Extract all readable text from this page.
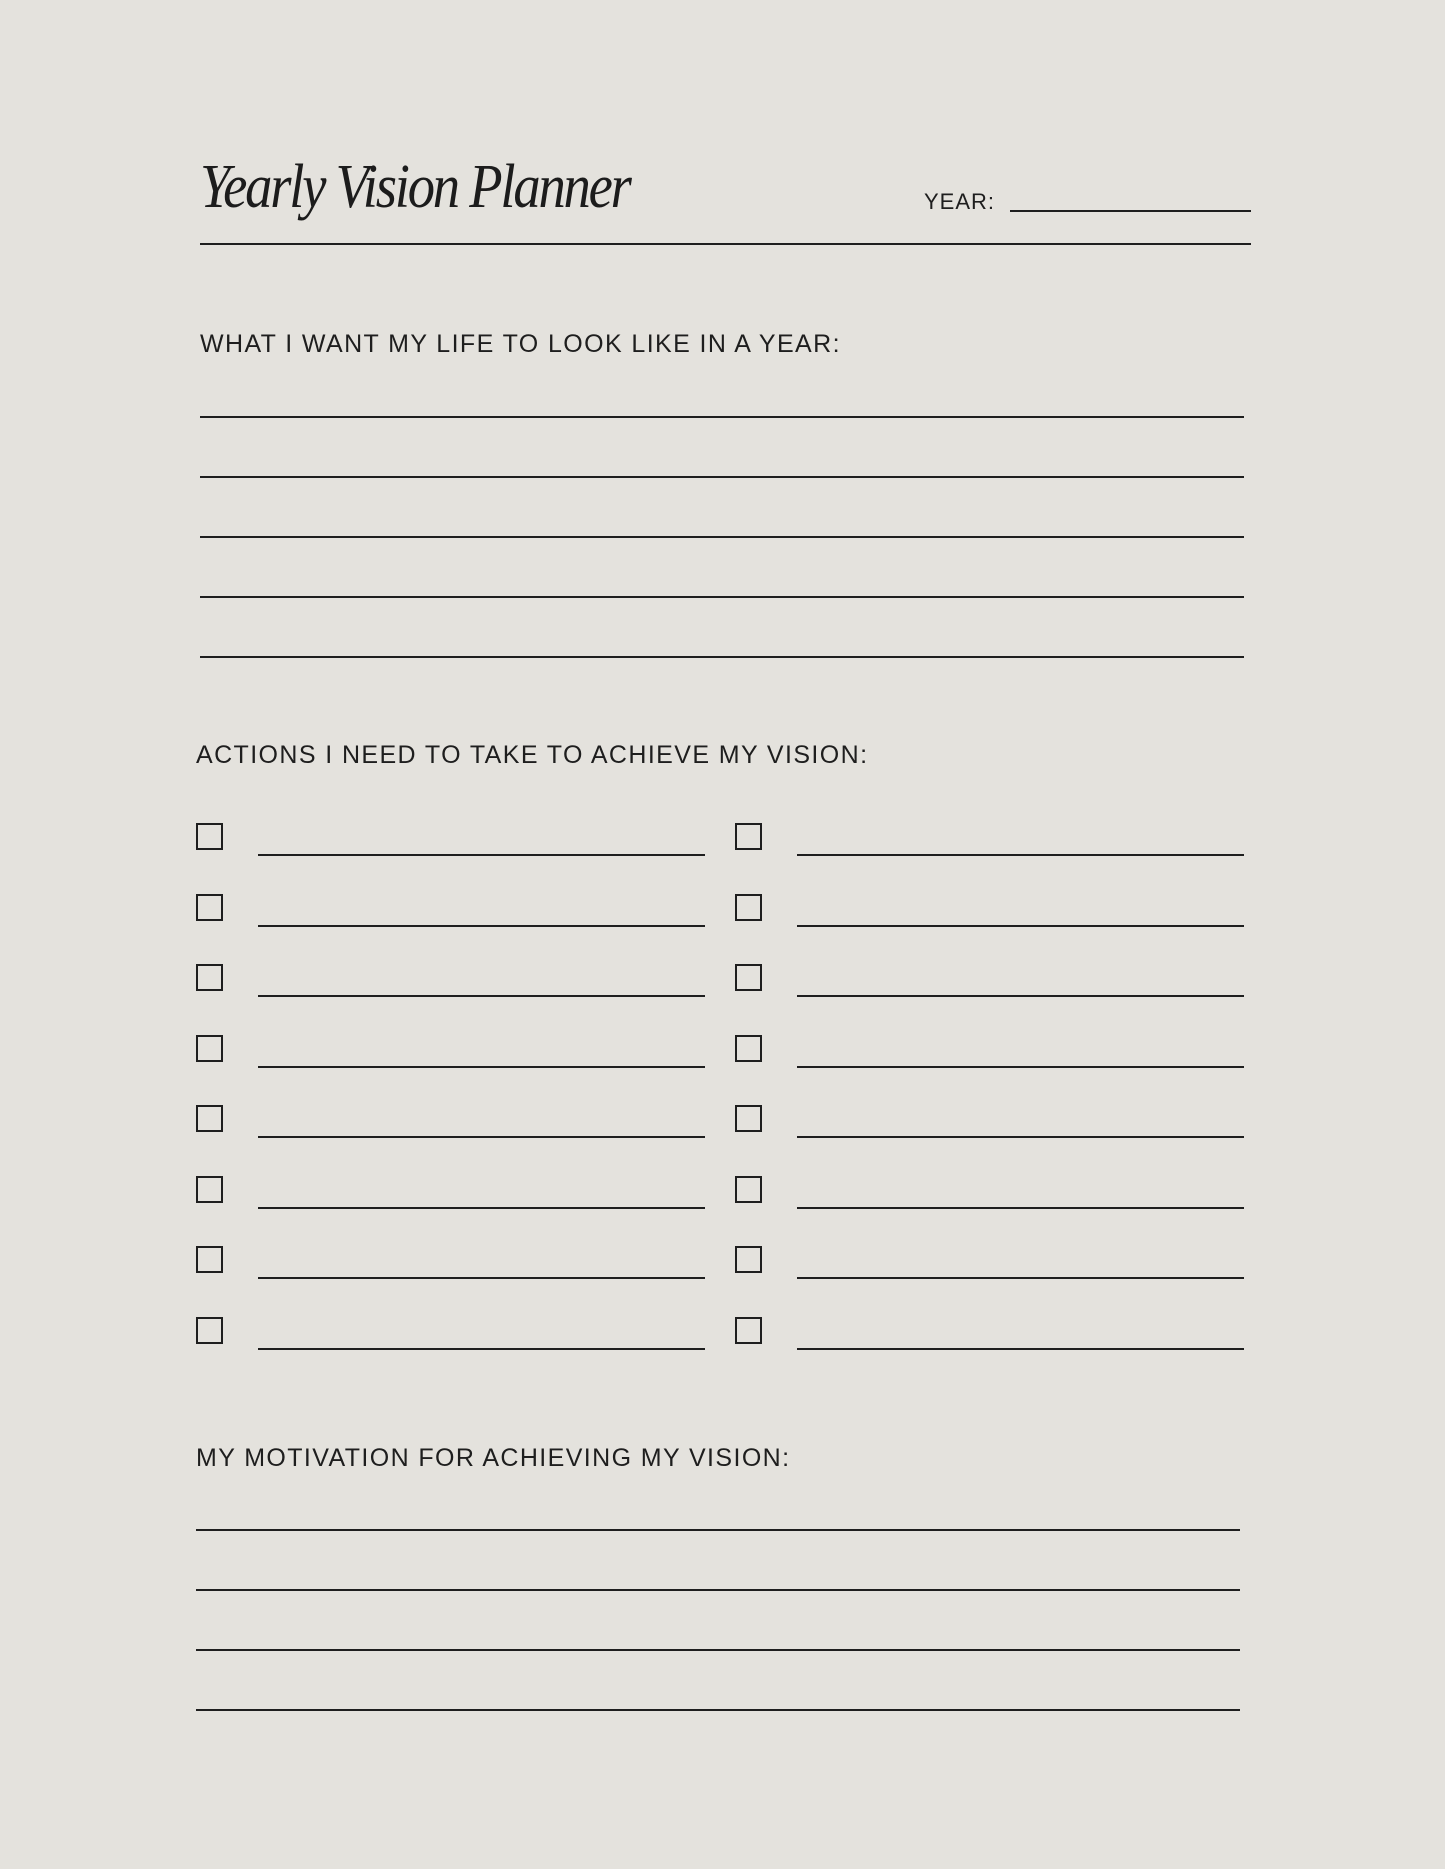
Yearly Vision Planner	YEAR:
WHAT I WANT MY LIFE TO LOOK LIKE IN A YEAR:
ACTIONS I NEED TO TAKE TO ACHIEVE MY VISION:
MY MOTIVATION FOR ACHIEVING MY VISION:
